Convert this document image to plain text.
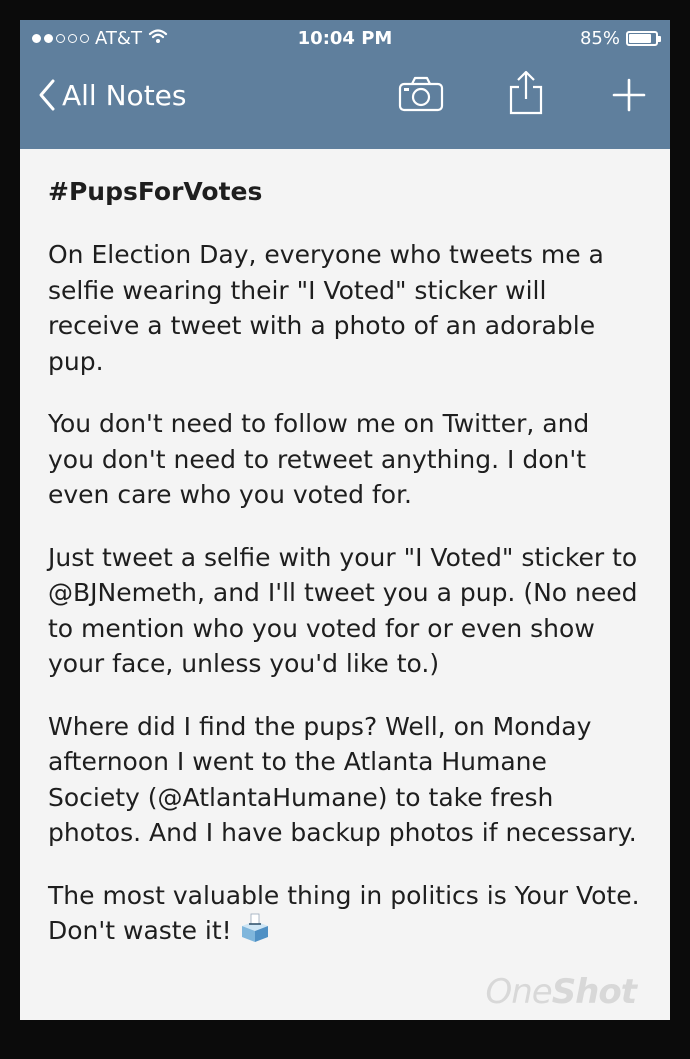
AT&T	10:04 PM	85%
All Notes
#PupsForVotes

On Election Day, everyone who tweets me a selfie wearing their "I Voted" sticker will receive a tweet with a photo of an adorable pup.

You don't need to follow me on Twitter, and you don't need to retweet anything. I don't even care who you voted for.

Just tweet a selfie with your "I Voted" sticker to @BJNemeth, and I'll tweet you a pup. (No need to mention who you voted for or even show your face, unless you'd like to.)

Where did I find the pups? Well, on Monday afternoon I went to the Atlanta Humane Society (@AtlantaHumane) to take fresh photos. And I have backup photos if necessary.

The most valuable thing in politics is Your Vote. Don't waste it!

OneShot
